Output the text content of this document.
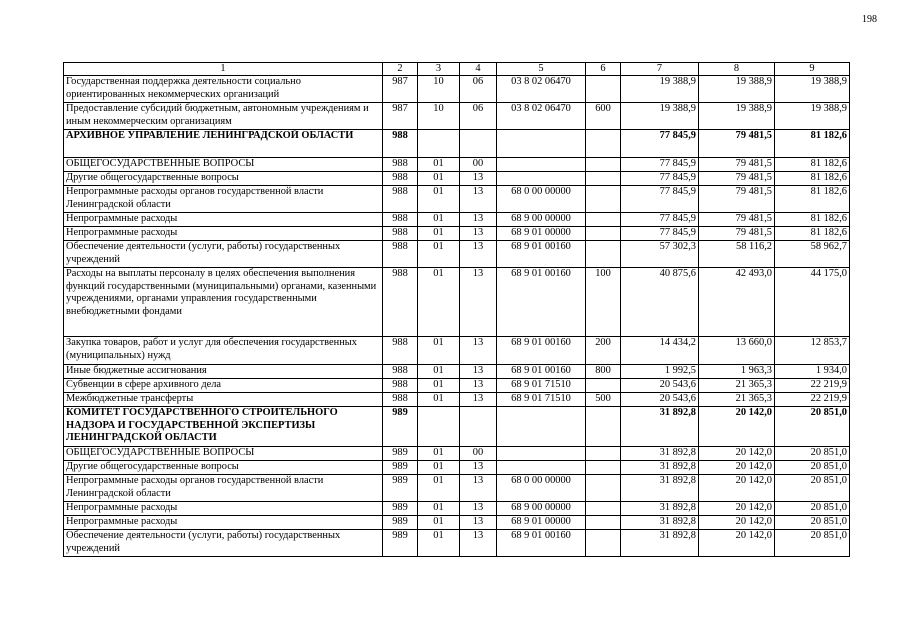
198
1	2	3	4	5	6	7	8	9
Государственная поддержка деятельности социально ориентированных некоммерческих организаций	987	10	06	03 8 02 06470		19 388,9	19 388,9	19 388,9
Предоставление субсидий бюджетным, автономным учреждениям и иным некоммерческим организациям	987	10	06	03 8 02 06470	600	19 388,9	19 388,9	19 388,9
АРХИВНОЕ УПРАВЛЕНИЕ ЛЕНИНГРАДСКОЙ ОБЛАСТИ	988					77 845,9	79 481,5	81 182,6
ОБЩЕГОСУДАРСТВЕННЫЕ ВОПРОСЫ	988	01	00			77 845,9	79 481,5	81 182,6
Другие общегосударственные вопросы	988	01	13			77 845,9	79 481,5	81 182,6
Непрограммные расходы органов государственной власти Ленинградской области	988	01	13	68 0 00 00000		77 845,9	79 481,5	81 182,6
Непрограммные расходы	988	01	13	68 9 00 00000		77 845,9	79 481,5	81 182,6
Непрограммные расходы	988	01	13	68 9 01 00000		77 845,9	79 481,5	81 182,6
Обеспечение деятельности (услуги, работы) государственных учреждений	988	01	13	68 9 01 00160		57 302,3	58 116,2	58 962,7
Расходы на выплаты персоналу в целях обеспечения выполнения функций государственными (муниципальными) органами, казенными учреждениями, органами управления государственными внебюджетными фондами	988	01	13	68 9 01 00160	100	40 875,6	42 493,0	44 175,0
Закупка товаров, работ и услуг для обеспечения государственных (муниципальных) нужд	988	01	13	68 9 01 00160	200	14 434,2	13 660,0	12 853,7
Иные бюджетные ассигнования	988	01	13	68 9 01 00160	800	1 992,5	1 963,3	1 934,0
Субвенции в сфере архивного дела	988	01	13	68 9 01 71510		20 543,6	21 365,3	22 219,9
Межбюджетные трансферты	988	01	13	68 9 01 71510	500	20 543,6	21 365,3	22 219,9
КОМИТЕТ ГОСУДАРСТВЕННОГО СТРОИТЕЛЬНОГО НАДЗОРА И ГОСУДАРСТВЕННОЙ ЭКСПЕРТИЗЫ ЛЕНИНГРАДСКОЙ ОБЛАСТИ	989					31 892,8	20 142,0	20 851,0
ОБЩЕГОСУДАРСТВЕННЫЕ ВОПРОСЫ	989	01	00			31 892,8	20 142,0	20 851,0
Другие общегосударственные вопросы	989	01	13			31 892,8	20 142,0	20 851,0
Непрограммные расходы органов государственной власти Ленинградской области	989	01	13	68 0 00 00000		31 892,8	20 142,0	20 851,0
Непрограммные расходы	989	01	13	68 9 00 00000		31 892,8	20 142,0	20 851,0
Непрограммные расходы	989	01	13	68 9 01 00000		31 892,8	20 142,0	20 851,0
Обеспечение деятельности (услуги, работы) государственных учреждений	989	01	13	68 9 01 00160		31 892,8	20 142,0	20 851,0
